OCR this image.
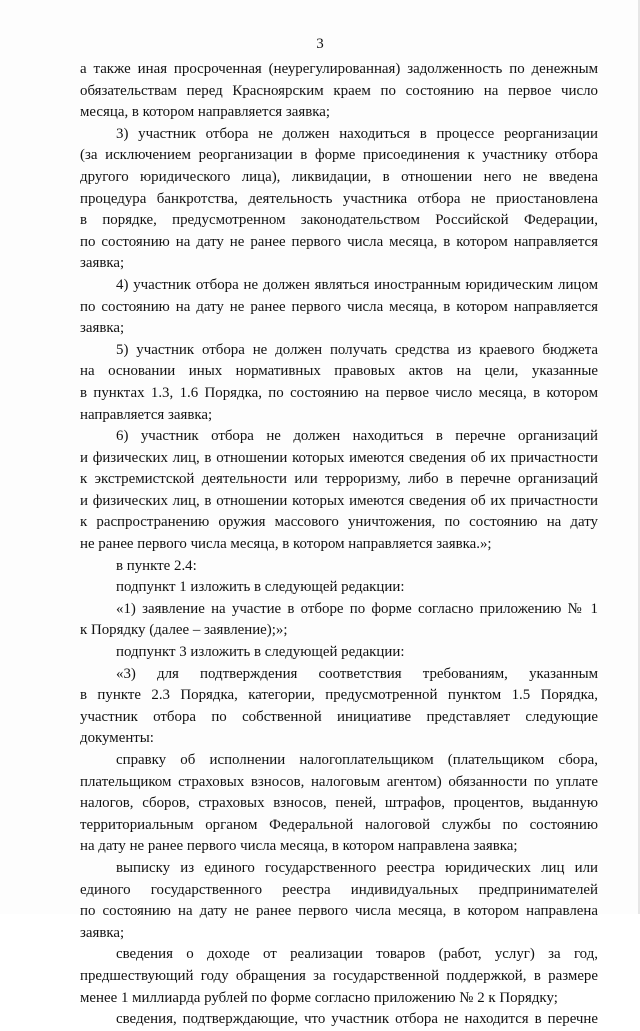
3
а также иная просроченная (неурегулированная) задолженность по денежным
обязательствам перед Красноярским краем по состоянию на первое число
месяца, в котором направляется заявка;
3) участник отбора не должен находиться в процессе реорганизации
(за исключением реорганизации в форме присоединения к участнику отбора
другого юридического лица), ликвидации, в отношении него не введена
процедура банкротства, деятельность участника отбора не приостановлена
в порядке, предусмотренном законодательством Российской Федерации,
по состоянию на дату не ранее первого числа месяца, в котором направляется
заявка;
4) участник отбора не должен являться иностранным юридическим лицом
по состоянию на дату не ранее первого числа месяца, в котором направляется
заявка;
5) участник отбора не должен получать средства из краевого бюджета
на основании иных нормативных правовых актов на цели, указанные
в пунктах 1.3, 1.6 Порядка, по состоянию на первое число месяца, в котором
направляется заявка;
6) участник отбора не должен находиться в перечне организаций
и физических лиц, в отношении которых имеются сведения об их причастности
к экстремистской деятельности или терроризму, либо в перечне организаций
и физических лиц, в отношении которых имеются сведения об их причастности
к распространению оружия массового уничтожения, по состоянию на дату
не ранее первого числа месяца, в котором направляется заявка.»;
в пункте 2.4:
подпункт 1 изложить в следующей редакции:
«1) заявление на участие в отборе по форме согласно приложению № 1
к Порядку (далее – заявление);»;
подпункт 3 изложить в следующей редакции:
«3) для подтверждения соответствия требованиям, указанным
в пункте 2.3 Порядка, категории, предусмотренной пунктом 1.5 Порядка,
участник отбора по собственной инициативе представляет следующие
документы:
справку об исполнении налогоплательщиком (плательщиком сбора,
плательщиком страховых взносов, налоговым агентом) обязанности по уплате
налогов, сборов, страховых взносов, пеней, штрафов, процентов, выданную
территориальным органом Федеральной налоговой службы по состоянию
на дату не ранее первого числа месяца, в котором направлена заявка;
выписку из единого государственного реестра юридических лиц или
единого государственного реестра индивидуальных предпринимателей
по состоянию на дату не ранее первого числа месяца, в котором направлена
заявка;
сведения о доходе от реализации товаров (работ, услуг) за год,
предшествующий году обращения за государственной поддержкой, в размере
менее 1 миллиарда рублей по форме согласно приложению № 2 к Порядку;
сведения, подтверждающие, что участник отбора не находится в перечне
